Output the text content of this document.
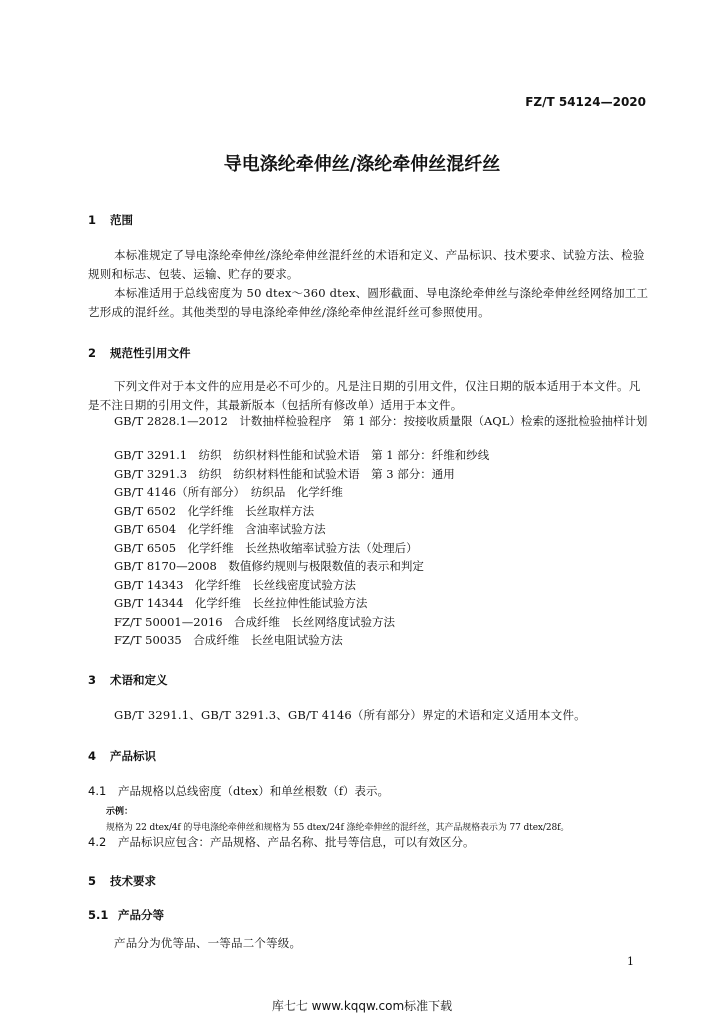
FZ/T 54124—2020
导电涤纶牵伸丝/涤纶牵伸丝混纤丝
1 范围
本标准规定了导电涤纶牵伸丝/涤纶牵伸丝混纤丝的术语和定义、产品标识、技术要求、试验方法、检验规则和标志、包装、运输、贮存的要求。
本标准适用于总线密度为 50 dtex～360 dtex、圆形截面、导电涤纶牵伸丝与涤纶牵伸丝经网络加工工艺形成的混纤丝。其他类型的导电涤纶牵伸丝/涤纶牵伸丝混纤丝可参照使用。
2 规范性引用文件
下列文件对于本文件的应用是必不可少的。凡是注日期的引用文件，仅注日期的版本适用于本文件。凡是不注日期的引用文件，其最新版本（包括所有修改单）适用于本文件。
GB/T 2828.1—2012　计数抽样检验程序　第 1 部分：按接收质量限（AQL）检索的逐批检验抽样计划
GB/T 3291.1　纺织　纺织材料性能和试验术语　第 1 部分：纤维和纱线
GB/T 3291.3　纺织　纺织材料性能和试验术语　第 3 部分：通用
GB/T 4146（所有部分）　纺织品　化学纤维
GB/T 6502　化学纤维　长丝取样方法
GB/T 6504　化学纤维　含油率试验方法
GB/T 6505　化学纤维　长丝热收缩率试验方法（处理后）
GB/T 8170—2008　数值修约规则与极限数值的表示和判定
GB/T 14343　化学纤维　长丝线密度试验方法
GB/T 14344　化学纤维　长丝拉伸性能试验方法
FZ/T 50001—2016　合成纤维　长丝网络度试验方法
FZ/T 50035　合成纤维　长丝电阻试验方法
3 术语和定义
GB/T 3291.1、GB/T 3291.3、GB/T 4146（所有部分）界定的术语和定义适用本文件。
4 产品标识
4.1 产品规格以总线密度（dtex）和单丝根数（f）表示。
示例：
规格为 22 dtex/4f 的导电涤纶牵伸丝和规格为 55 dtex/24f 涤纶牵伸丝的混纤丝，其产品规格表示为 77 dtex/28f。
4.2 产品标识应包含：产品规格、产品名称、批号等信息，可以有效区分。
5 技术要求
5.1 产品分等
产品分为优等品、一等品二个等级。
1
库七七 www.kqqw.com标准下载
